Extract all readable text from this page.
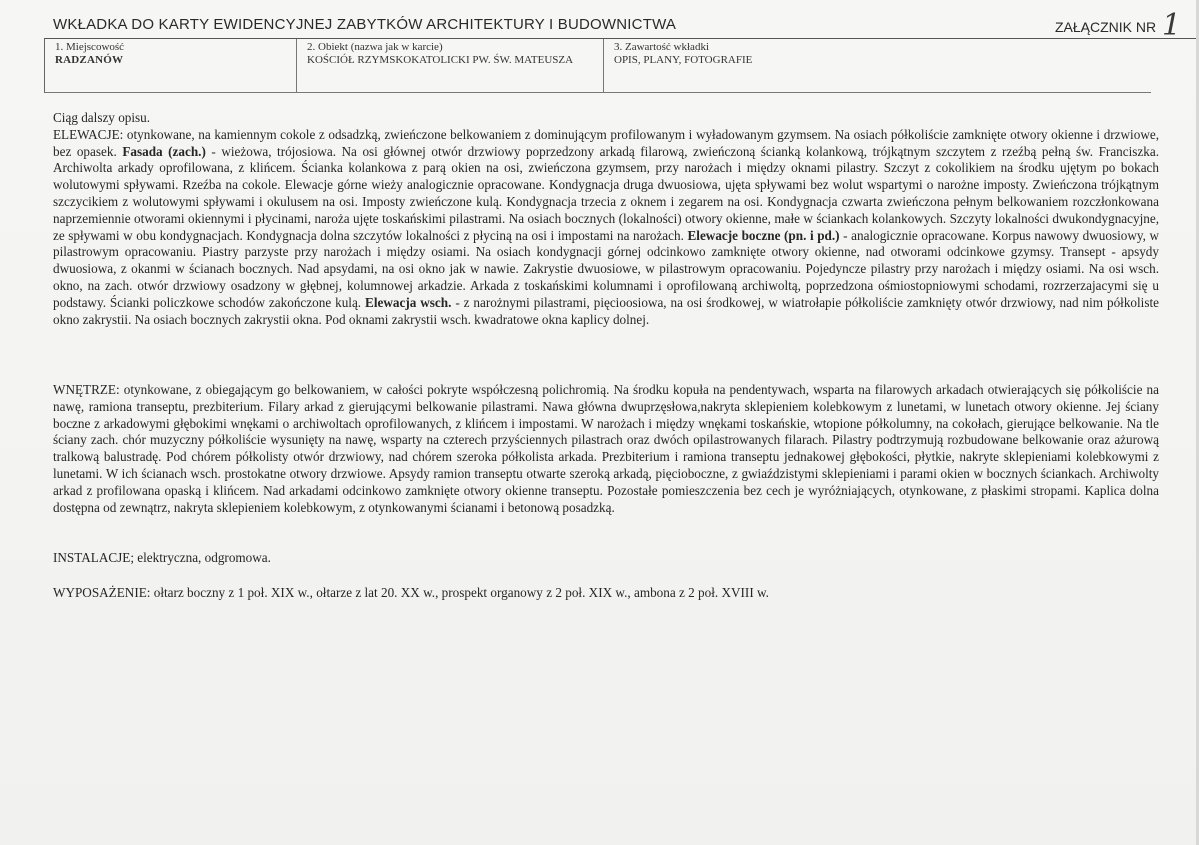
WKŁADKA DO KARTY EWIDENCYJNEJ ZABYTKÓW ARCHITEKTURY I BUDOWNICTWA	ZAŁĄCZNIK NR 1
1. Miejscowość
RADZANÓW
2. Obiekt (nazwa jak w karcie)
KOŚCIÓŁ RZYMSKOKATOLICKI PW. ŚW. MATEUSZA
3. Zawartość wkładki
OPIS, PLANY, FOTOGRAFIE

Ciąg dalszy opisu.

ELEWACJE: otynkowane, na kamiennym cokole z odsadzką, zwieńczone belkowaniem z dominującym profilowanym i wyładowanym gzymsem. Na osiach półkoliście zamknięte otwory okienne i drzwiowe, bez opasek. Fasada (zach.) - wieżowa, trójosiowa. Na osi głównej otwór drzwiowy poprzedzony arkadą filarową, zwieńczoną ścianką kolankową, trójkątnym szczytem z rzeźbą pełną św. Franciszka. Archiwolta arkady oprofilowana, z klińcem. Ścianka kolankowa z parą okien na osi, zwieńczona gzymsem, przy narożach i między oknami pilastry. Szczyt z cokolikiem na środku ujętym po bokach wolutowymi spływami. Rzeźba na cokole. Elewacje górne wieży analogicznie opracowane. Kondygnacja druga dwuosiowa, ujęta spływami bez wolut wspartymi o narożne imposty. Zwieńczona trójkątnym szczycikiem z wolutowymi spływami i okulusem na osi. Imposty zwieńczone kulą. Kondygnacja trzecia z oknem i zegarem na osi. Kondygnacja czwarta zwieńczona pełnym belkowaniem rozczłonkowana naprzemiennie otworami okiennymi i płycinami, naroża ujęte toskańskimi pilastrami. Na osiach bocznych (lokalności) otwory okienne, małe w ściankach kolankowych. Szczyty lokalności dwukondygnacyjne, ze spływami w obu kondygnacjach. Kondygnacja dolna szczytów lokalności z płyciną na osi i impostami na narożach. Elewacje boczne (pn. i pd.) - analogicznie opracowane. Korpus nawowy dwuosiowy, w pilastrowym opracowaniu. Piastry parzyste przy narożach i między osiami. Na osiach kondygnacji górnej odcinkowo zamknięte otwory okienne, nad otworami odcinkowe gzymsy. Transept - apsydy dwuosiowa, z okanmi w ścianach bocznych. Nad apsydami, na osi okno jak w nawie. Zakrystie dwuosiowe, w pilastrowym opracowaniu. Pojedyncze pilastry przy narożach i między osiami. Na osi wsch. okno, na zach. otwór drzwiowy osadzony w głębnej, kolumnowej arkadzie. Arkada z toskańskimi kolumnami i oprofilowaną archiwoltą, poprzedzona ośmiostopniowymi schodami, rozrzerzajacymi się u podstawy. Ścianki policzkowe schodów zakończone kulą. Elewacja wsch. - z narożnymi pilastrami, pięcioosiowa, na osi środkowej, w wiatrołapie półkoliście zamknięty otwór drzwiowy, nad nim półkoliste okno zakrystii. Na osiach bocznych zakrystii okna. Pod oknami zakrystii wsch. kwadratowe okna kaplicy dolnej.

WNĘTRZE: otynkowane, z obiegającym go belkowaniem, w całości pokryte współczesną polichromią. Na środku kopuła na pendentywach, wsparta na filarowych arkadach otwierających się półkoliście na nawę, ramiona transeptu, prezbiterium. Filary arkad z gierującymi belkowanie pilastrami. Nawa główna dwuprzęsłowa,nakryta sklepieniem kolebkowym z lunetami, w lunetach otwory okienne. Jej ściany boczne z arkadowymi głębokimi wnękami o archiwoltach oprofilowanych, z klińcem i impostami. W narożach i między wnękami toskańskie, wtopione półkolumny, na cokołach, gierujące belkowanie. Na tle ściany zach. chór muzyczny półkoliście wysunięty na nawę, wsparty na czterech przyściennych pilastrach oraz dwóch opilastrowanych filarach. Pilastry podtrzymują rozbudowane belkowanie oraz ażurową tralkową balustradę. Pod chórem półkolisty otwór drzwiowy, nad chórem szeroka półkolista arkada. Prezbiterium i ramiona transeptu jednakowej głębokości, płytkie, nakryte sklepieniami kolebkowymi z lunetami. W ich ścianach wsch. prostokatne otwory drzwiowe. Apsydy ramion transeptu otwarte szeroką arkadą, pięcioboczne, z gwiaździstymi sklepieniami i parami okien w bocznych ściankach. Archiwolty arkad z profilowana opaską i klińcem. Nad arkadami odcinkowo zamknięte otwory okienne transeptu. Pozostałe pomieszczenia bez cech je wyróżniających, otynkowane, z płaskimi stropami. Kaplica dolna dostępna od zewnątrz, nakryta sklepieniem kolebkowym, z otynkowanymi ścianami i betonową posadzką.

INSTALACJE; elektryczna, odgromowa.
WYPOSAŻENIE: ołtarz boczny z 1 poł. XIX w., ołtarze z lat 20. XX w., prospekt organowy z 2 poł. XIX w., ambona z 2 poł. XVIII w.
